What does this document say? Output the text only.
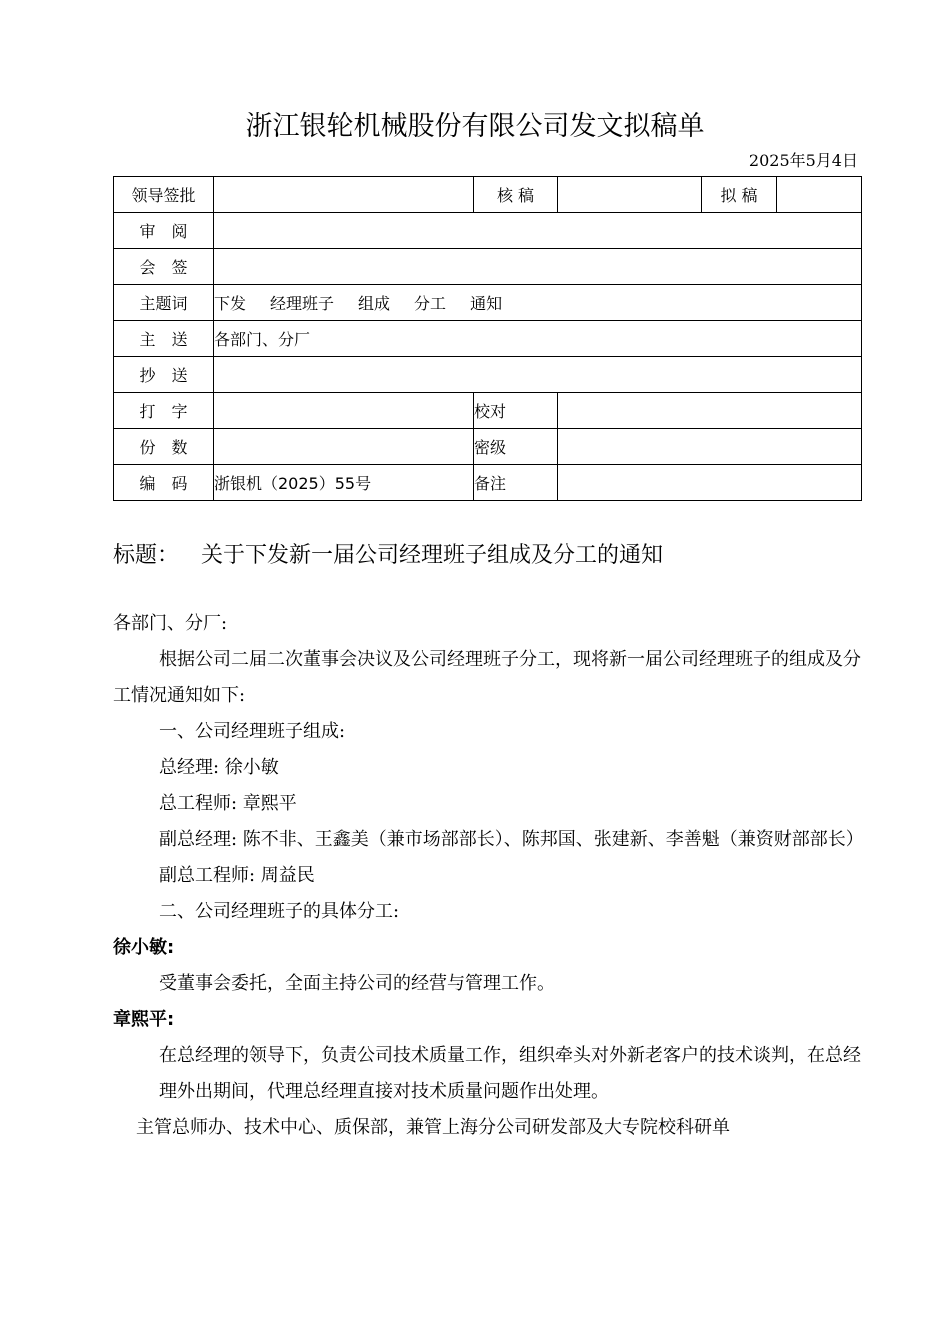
浙江银轮机械股份有限公司发文拟稿单
2025年5月4日
领导签批		核 稿		拟 稿

审　阅				
会　签				
主题词	下发 经理班子 组成 分工 通知			
主　送	各部门、分厂			
抄　送				
打　字		校对		
份　数		密级		
编　码	浙银机（2025）55号	备注		
标题： 关于下发新一届公司经理班子组成及分工的通知

各部门、分厂:

根据公司二届二次董事会决议及公司经理班子分工，现将新一届公司经理班子的组成及分工情况通知如下:

一、公司经理班子组成:

总经理: 徐小敏

总工程师: 章熙平

副总经理: 陈不非、王鑫美（兼市场部部长）、陈邦国、张建新、李善魁（兼资财部部长）

副总工程师: 周益民

二、公司经理班子的具体分工:

徐小敏:

受董事会委托，全面主持公司的经营与管理工作。

章熙平:

在总经理的领导下，负责公司技术质量工作，组织牵头对外新老客户的技术谈判，在总经理外出期间，代理总经理直接对技术质量问题作出处理。

主管总师办、技术中心、质保部，兼管上海分公司研发部及大专院校科研单
